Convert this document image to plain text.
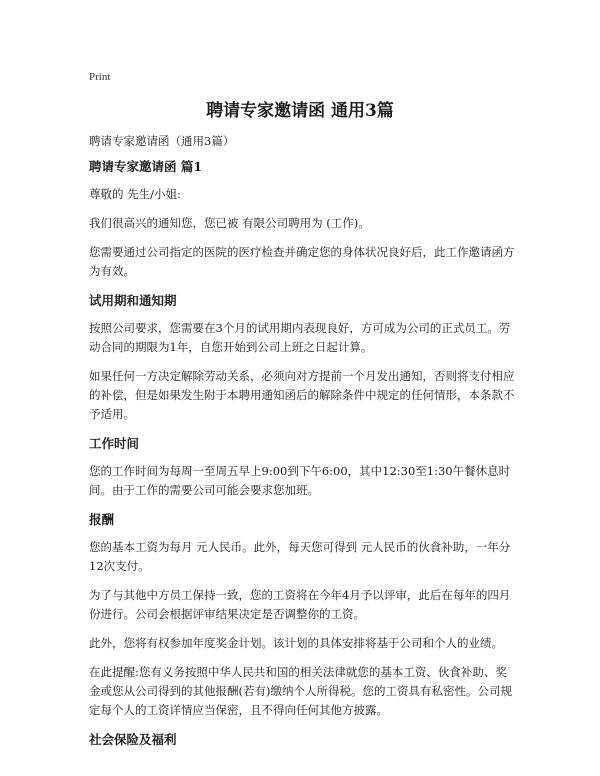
Print
聘请专家邀请函 通用3篇

聘请专家邀请函（通用3篇）

聘请专家邀请函 篇1

尊敬的 先生/小姐:

我们很高兴的通知您，您已被 有限公司聘用为 (工作)。

您需要通过公司指定的医院的医疗检查并确定您的身体状况良好后，此工作邀请函方为有效。

试用期和通知期

按照公司要求，您需要在3个月的试用期内表现良好，方可成为公司的正式员工。劳动合同的期限为1年，自您开始到公司上班之日起计算。

如果任何一方决定解除劳动关系，必须向对方提前一个月发出通知，否则将支付相应的补偿，但是如果发生附于本聘用通知函后的解除条件中规定的任何情形，本条款不予适用。

工作时间

您的工作时间为每周一至周五早上9:00到下午6:00，其中12:30至1:30午餐休息时间。由于工作的需要公司可能会要求您加班。

报酬

您的基本工资为每月 元人民币。此外，每天您可得到 元人民币的伙食补助，一年分12次支付。

为了与其他中方员工保持一致，您的工资将在今年4月予以评审，此后在每年的四月份进行。公司会根据评审结果决定是否调整你的工资。

此外，您将有权参加年度奖金计划。该计划的具体安排将基于公司和个人的业绩。

在此提醒:您有义务按照中华人民共和国的相关法律就您的基本工资、伙食补助、奖金或您从公司得到的其他报酬(若有)缴纳个人所得税。您的工资具有私密性。公司规定每个人的工资详情应当保密，且不得向任何其他方披露。

社会保险及福利
